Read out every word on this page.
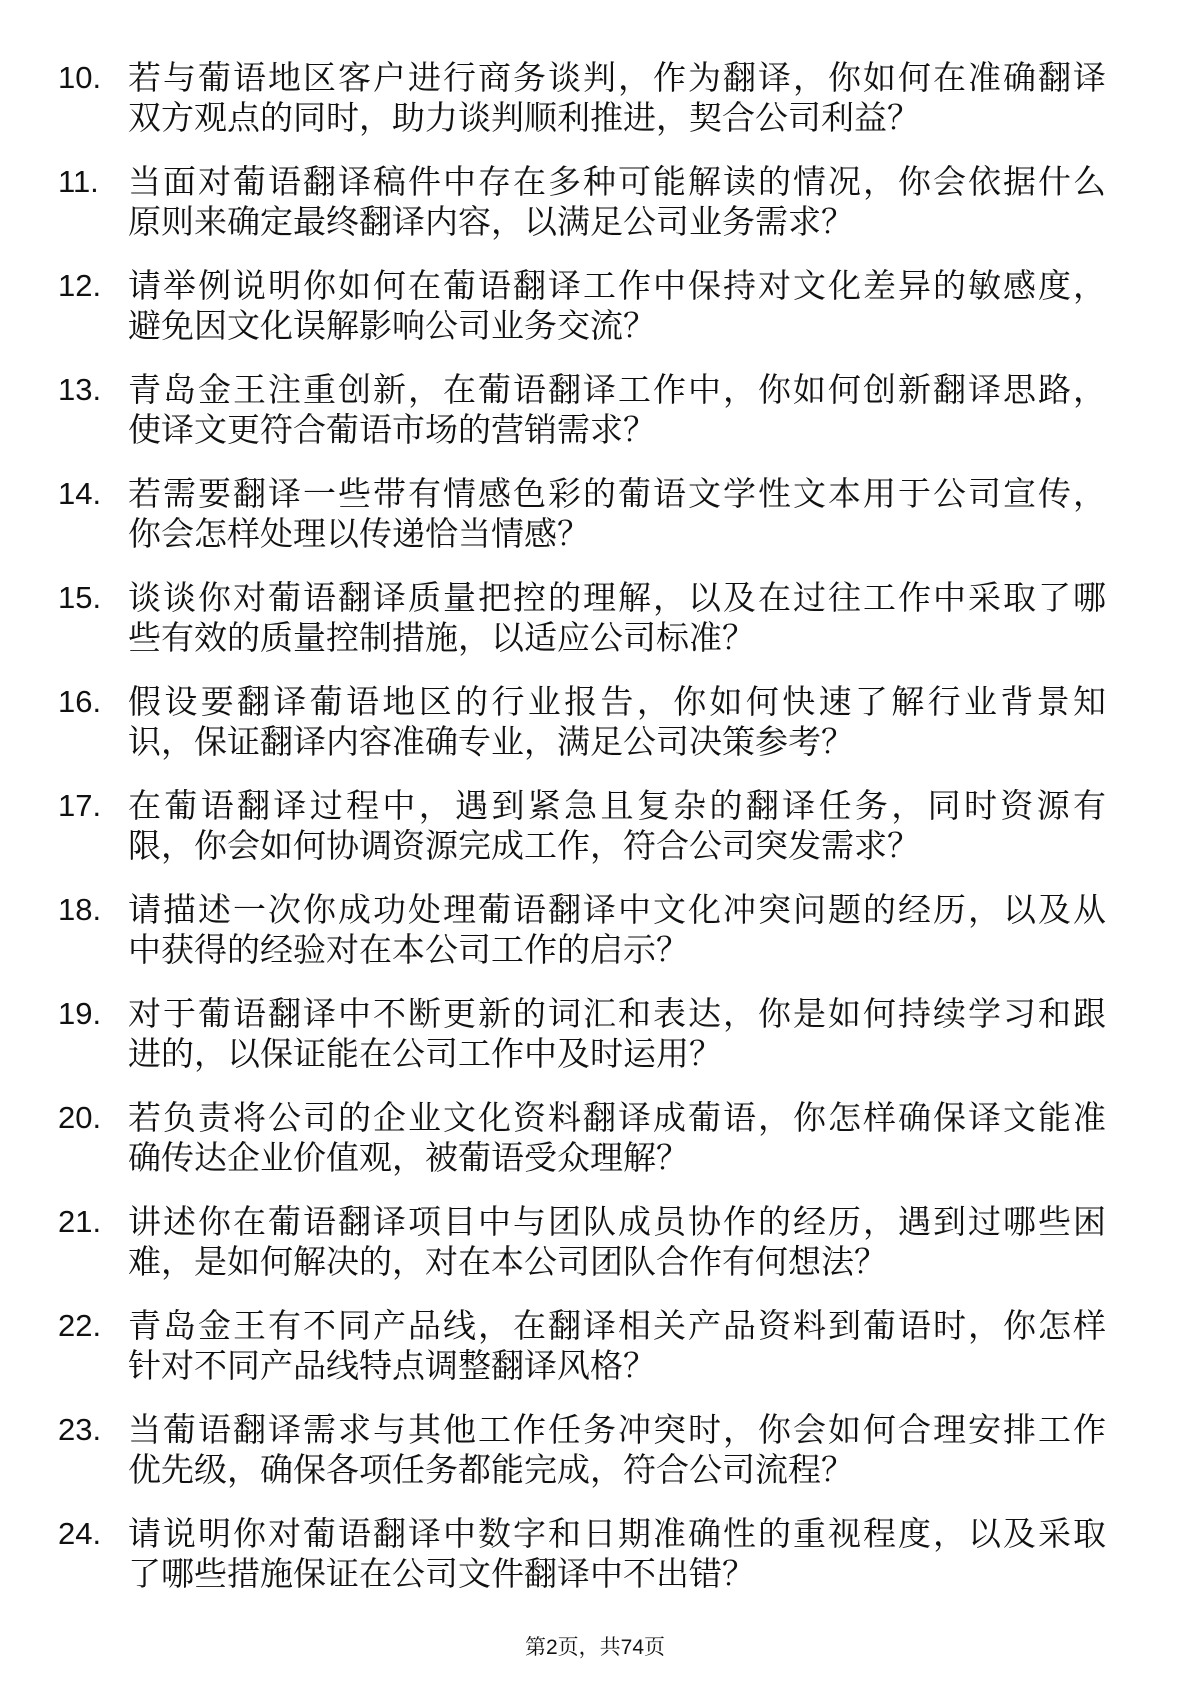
10. 若与葡语地区客户进行商务谈判，作为翻译，你如何在准确翻译
双方观点的同时，助力谈判顺利推进，契合公司利益？
11. 当面对葡语翻译稿件中存在多种可能解读的情况，你会依据什么
原则来确定最终翻译内容，以满足公司业务需求？
12. 请举例说明你如何在葡语翻译工作中保持对文化差异的敏感度，
避免因文化误解影响公司业务交流？
13. 青岛金王注重创新，在葡语翻译工作中，你如何创新翻译思路，
使译文更符合葡语市场的营销需求？
14. 若需要翻译一些带有情感色彩的葡语文学性文本用于公司宣传，
你会怎样处理以传递恰当情感？
15. 谈谈你对葡语翻译质量把控的理解，以及在过往工作中采取了哪
些有效的质量控制措施，以适应公司标准？
16. 假设要翻译葡语地区的行业报告，你如何快速了解行业背景知
识，保证翻译内容准确专业，满足公司决策参考？
17. 在葡语翻译过程中，遇到紧急且复杂的翻译任务，同时资源有
限，你会如何协调资源完成工作，符合公司突发需求？
18. 请描述一次你成功处理葡语翻译中文化冲突问题的经历，以及从
中获得的经验对在本公司工作的启示？
19. 对于葡语翻译中不断更新的词汇和表达，你是如何持续学习和跟
进的，以保证能在公司工作中及时运用？
20. 若负责将公司的企业文化资料翻译成葡语，你怎样确保译文能准
确传达企业价值观，被葡语受众理解？
21. 讲述你在葡语翻译项目中与团队成员协作的经历，遇到过哪些困
难，是如何解决的，对在本公司团队合作有何想法？
22. 青岛金王有不同产品线，在翻译相关产品资料到葡语时，你怎样
针对不同产品线特点调整翻译风格？
23. 当葡语翻译需求与其他工作任务冲突时，你会如何合理安排工作
优先级，确保各项任务都能完成，符合公司流程？
24. 请说明你对葡语翻译中数字和日期准确性的重视程度，以及采取
了哪些措施保证在公司文件翻译中不出错？
第2页，共74页
